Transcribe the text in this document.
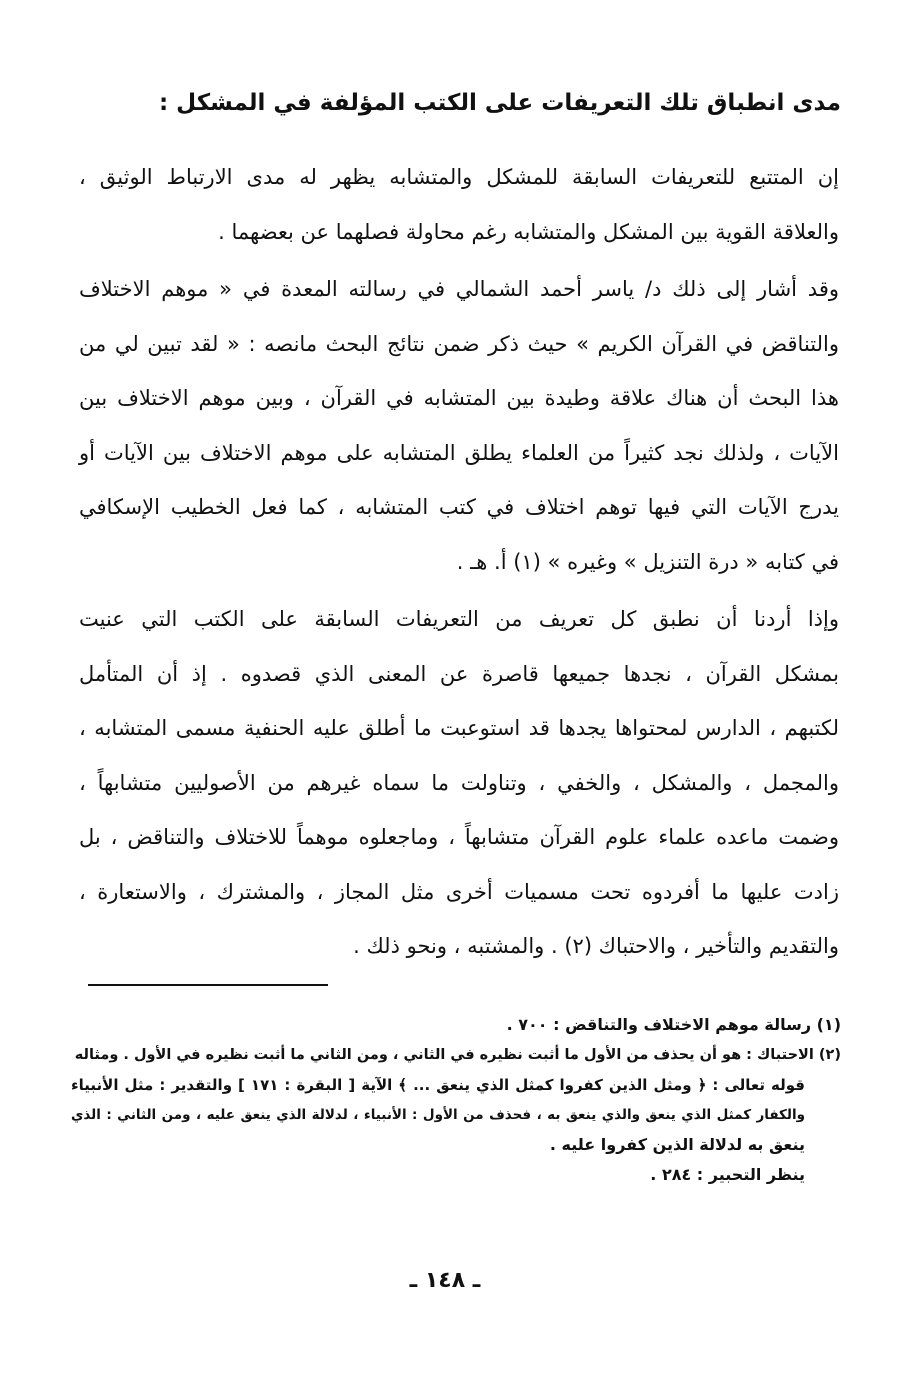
مدى انطباق تلك التعريفات على الكتب المؤلفة في المشكل :
إن المتتبع للتعريفات السابقة للمشكل والمتشابه يظهر له مدى الارتباط الوثيق ،
والعلاقة القوية بين المشكل والمتشابه رغم محاولة فصلهما عن بعضهما .
وقد أشار إلى ذلك د/ ياسر أحمد الشمالي في رسالته المعدة في « موهم الاختلاف
والتناقض في القرآن الكريم » حيث ذكر ضمن نتائج البحث مانصه : « لقد تبين لي من
هذا البحث أن هناك علاقة وطيدة بين المتشابه في القرآن ، وبين موهم الاختلاف بين
الآيات ، ولذلك نجد كثيراً من العلماء يطلق المتشابه على موهم الاختلاف بين الآيات أو
يدرج الآيات التي فيها توهم اختلاف في كتب المتشابه ، كما فعل الخطيب الإسكافي
في كتابه « درة التنزيل » وغيره » (١) أ. هـ .
وإذا أردنا أن نطبق كل تعريف من التعريفات السابقة على الكتب التي عنيت
بمشكل القرآن ، نجدها جميعها قاصرة عن المعنى الذي قصدوه . إذ أن المتأمل
لكتبهم ، الدارس لمحتواها يجدها قد استوعبت ما أطلق عليه الحنفية مسمى المتشابه ،
والمجمل ، والمشكل ، والخفي ، وتناولت ما سماه غيرهم من الأصوليين متشابهاً ،
وضمت ماعده علماء علوم القرآن متشابهاً ، وماجعلوه موهماً للاختلاف والتناقض ، بل
زادت عليها ما أفردوه تحت مسميات أخرى مثل المجاز ، والمشترك ، والاستعارة ،
والتقديم والتأخير ، والاحتباك (٢) . والمشتبه ، ونحو ذلك .
(١) رسالة موهم الاختلاف والتناقض : ٧٠٠ .
(٢) الاحتباك : هو أن يحذف من الأول ما أثبت نظيره في الثاني ، ومن الثاني ما أثبت نظيره في الأول . ومثاله
قوله تعالى : ﴿ ومثل الذين كفروا كمثل الذي ينعق ... ﴾ الآية [ البقرة : ١٧١ ] والتقدير : مثل الأنبياء
والكفار كمثل الذي ينعق والذي ينعق به ، فحذف من الأول : الأنبياء ، لدلالة الذي ينعق عليه ، ومن الثاني : الذي
ينعق به لدلالة الذين كفروا عليه .
ينظر التحبير : ٢٨٤ .
ـ ١٤٨ ـ
